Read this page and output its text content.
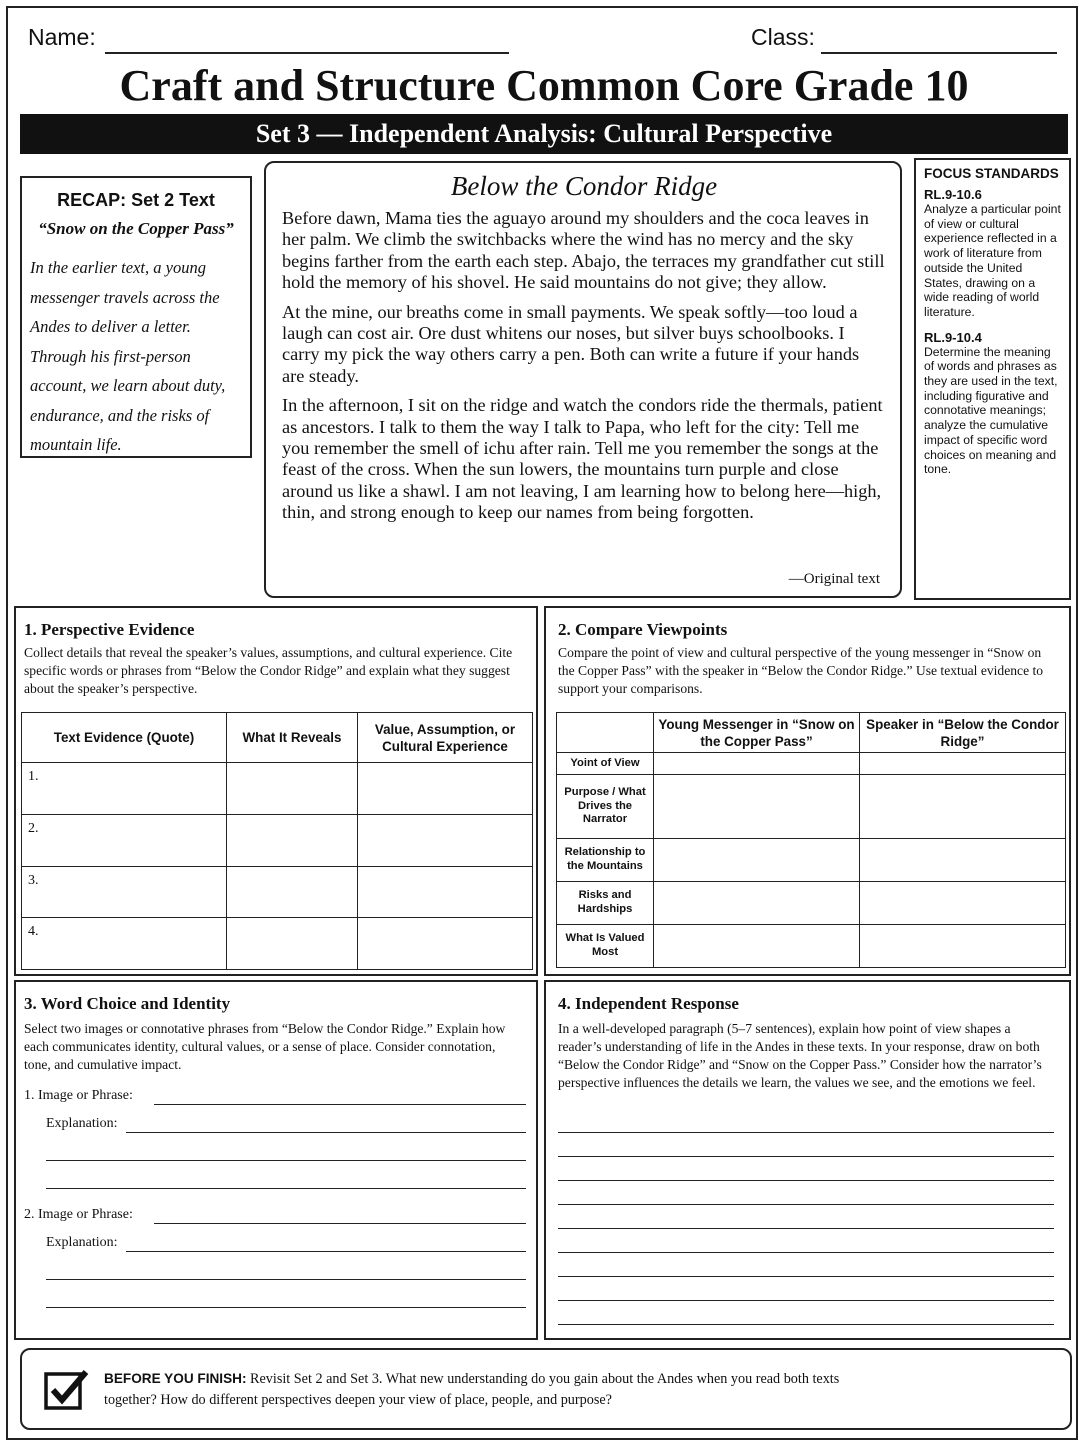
Name:	Class:
Craft and Structure Common Core Grade 10
Set 3 — Independent Analysis: Cultural Perspective
RECAP: Set 2 Text
“Snow on the Copper Pass”
In the earlier text, a young messenger travels across the Andes to deliver a letter. Through his first-person account, we learn about duty, endurance, and the risks of mountain life.
Below the Condor Ridge

Before dawn, Mama ties the aguayo around my shoulders and the coca leaves in her palm. We climb the switchbacks where the wind has no mercy and the sky begins farther from the earth each step. Abajo, the terraces my grandfather cut still hold the memory of his shovel. He said mountains do not give; they allow.

At the mine, our breaths come in small payments. We speak softly—too loud a laugh can cost air. Ore dust whitens our noses, but silver buys schoolbooks. I carry my pick the way others carry a pen. Both can write a future if your hands are steady.

In the afternoon, I sit on the ridge and watch the condors ride the thermals, patient as ancestors. I talk to them the way I talk to Papa, who left for the city: Tell me you remember the smell of ichu after rain. Tell me you remember the songs at the feast of the cross. When the sun lowers, the mountains turn purple and close around us like a shawl. I am not leaving, I am learning how to belong here—high, thin, and strong enough to keep our names from being forgotten.

—Original text
FOCUS STANDARDS
RL.9-10.6
Analyze a particular point of view or cultural experience reflected in a work of literature from outside the United States, drawing on a wide reading of world literature.
RL.9-10.4
Determine the meaning of words and phrases as they are used in the text, including figurative and connotative meanings; analyze the cumulative impact of specific word choices on meaning and tone.
1. Perspective Evidence
Collect details that reveal the speaker’s values, assumptions, and cultural experience. Cite specific words or phrases from “Below the Condor Ridge” and explain what they suggest about the speaker’s perspective.
Text Evidence (Quote)	What It Reveals	Value, Assumption, or Cultural Experience
1.		
2.		
3.		
4.		
2. Compare Viewpoints
Compare the point of view and cultural perspective of the young messenger in “Snow on the Copper Pass” with the speaker in “Below the Condor Ridge.” Use textual evidence to support your comparisons.
	Young Messenger in “Snow on the Copper Pass”	Speaker in “Below the Condor Ridge”
Yoint of View		
Purpose / What Drives the Narrator		
Relationship to the Mountains		
Risks and Hardships		
What Is Valued Most		
3. Word Choice and Identity
Select two images or connotative phrases from “Below the Condor Ridge.” Explain how each communicates identity, cultural values, or a sense of place. Consider connotation, tone, and cumulative impact.
1. Image or Phrase:
Explanation:
2. Image or Phrase:
Explanation:
4. Independent Response
In a well-developed paragraph (5–7 sentences), explain how point of view shapes a reader’s understanding of life in the Andes in these texts. In your response, draw on both “Below the Condor Ridge” and “Snow on the Copper Pass.” Consider how the narrator’s perspective influences the details we learn, the values we see, and the emotions we feel.
BEFORE YOU FINISH: Revisit Set 2 and Set 3. What new understanding do you gain about the Andes when you read both texts together? How do different perspectives deepen your view of place, people, and purpose?
